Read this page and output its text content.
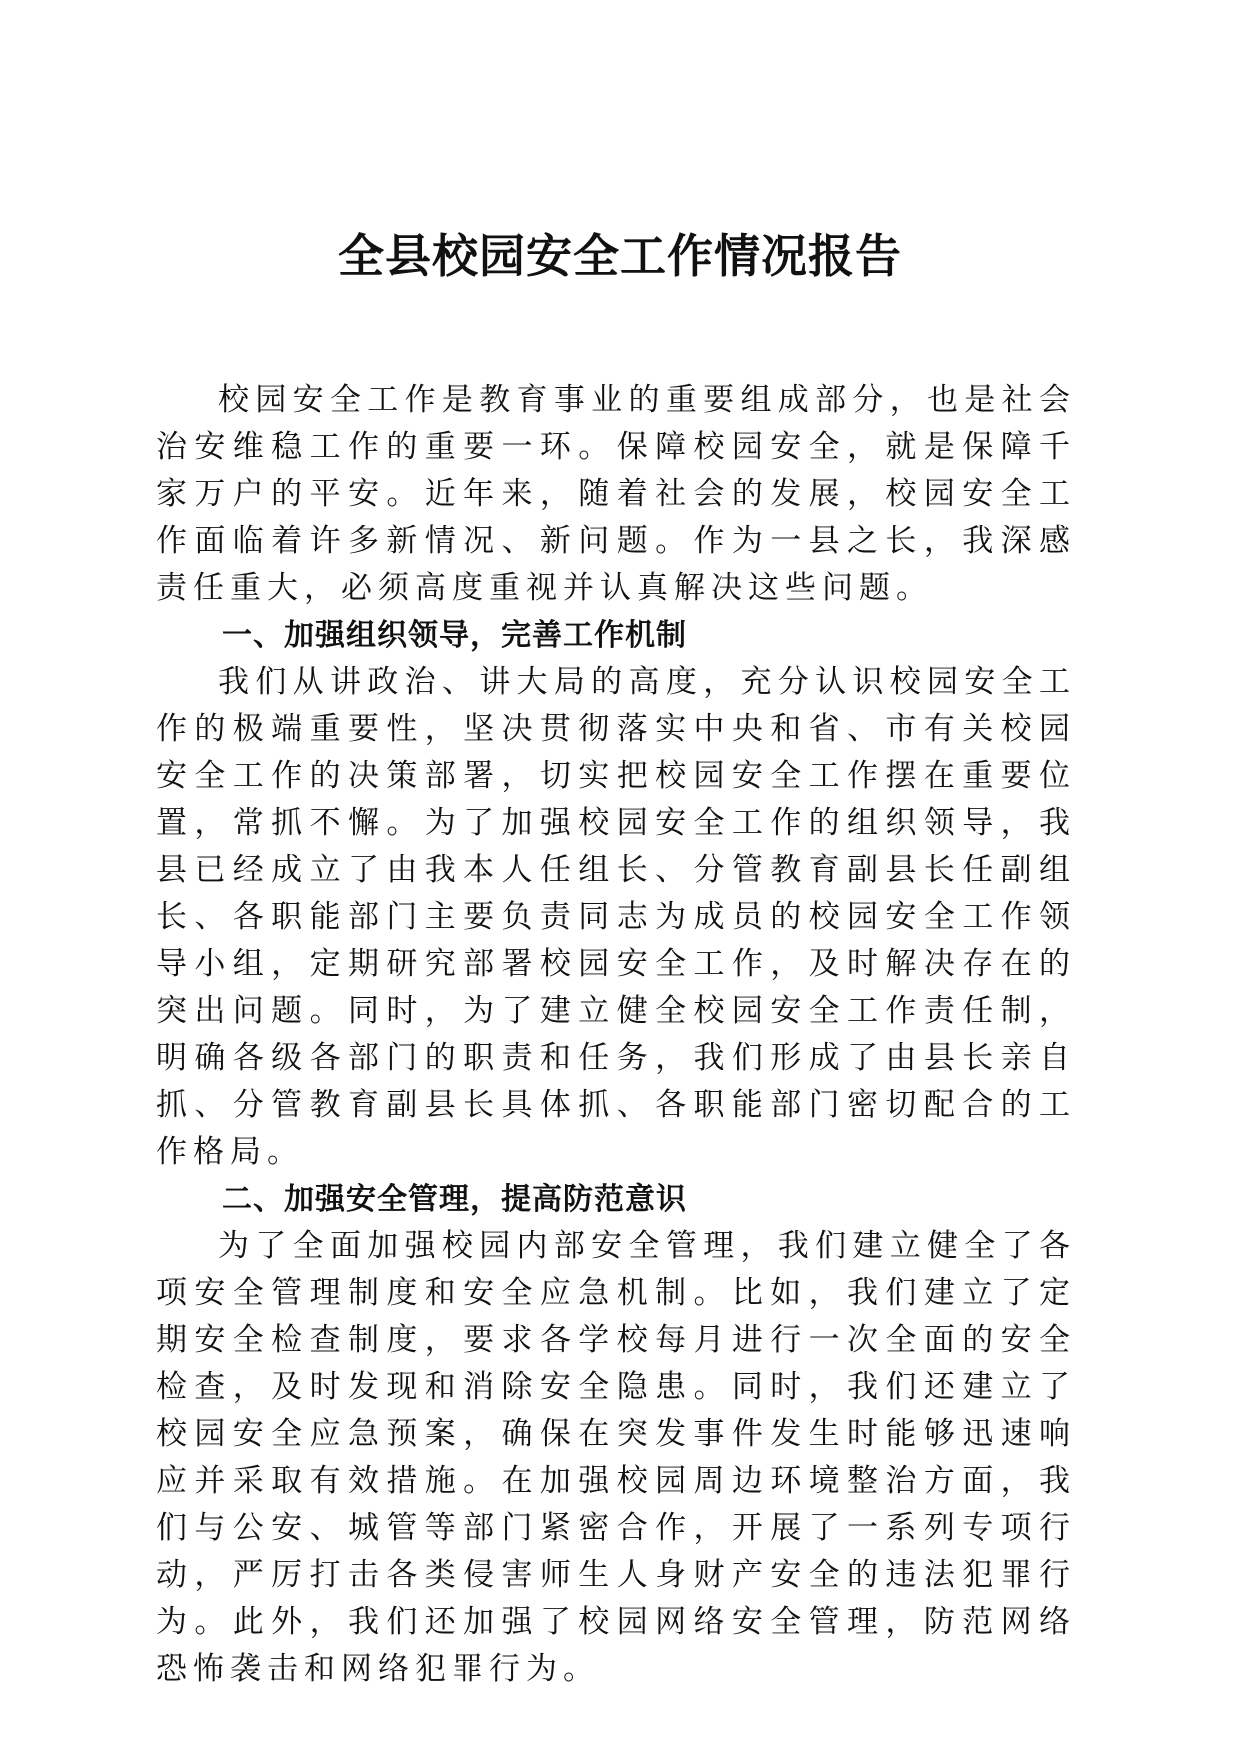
全县校园安全工作情况报告

校园安全工作是教育事业的重要组成部分，也是社会治安维稳工作的重要一环。保障校园安全，就是保障千家万户的平安。近年来，随着社会的发展，校园安全工作面临着许多新情况、新问题。作为一县之长，我深感责任重大，必须高度重视并认真解决这些问题。

一、加强组织领导，完善工作机制

我们从讲政治、讲大局的高度，充分认识校园安全工作的极端重要性，坚决贯彻落实中央和省、市有关校园安全工作的决策部署，切实把校园安全工作摆在重要位置，常抓不懈。为了加强校园安全工作的组织领导，我县已经成立了由我本人任组长、分管教育副县长任副组长、各职能部门主要负责同志为成员的校园安全工作领导小组，定期研究部署校园安全工作，及时解决存在的突出问题。同时，为了建立健全校园安全工作责任制，明确各级各部门的职责和任务，我们形成了由县长亲自抓、分管教育副县长具体抓、各职能部门密切配合的工作格局。

二、加强安全管理，提高防范意识

为了全面加强校园内部安全管理，我们建立健全了各项安全管理制度和安全应急机制。比如，我们建立了定期安全检查制度，要求各学校每月进行一次全面的安全检查，及时发现和消除安全隐患。同时，我们还建立了校园安全应急预案，确保在突发事件发生时能够迅速响应并采取有效措施。在加强校园周边环境整治方面，我们与公安、城管等部门紧密合作，开展了一系列专项行动，严厉打击各类侵害师生人身财产安全的违法犯罪行为。此外，我们还加强了校园网络安全管理，防范网络恐怖袭击和网络犯罪行为。
